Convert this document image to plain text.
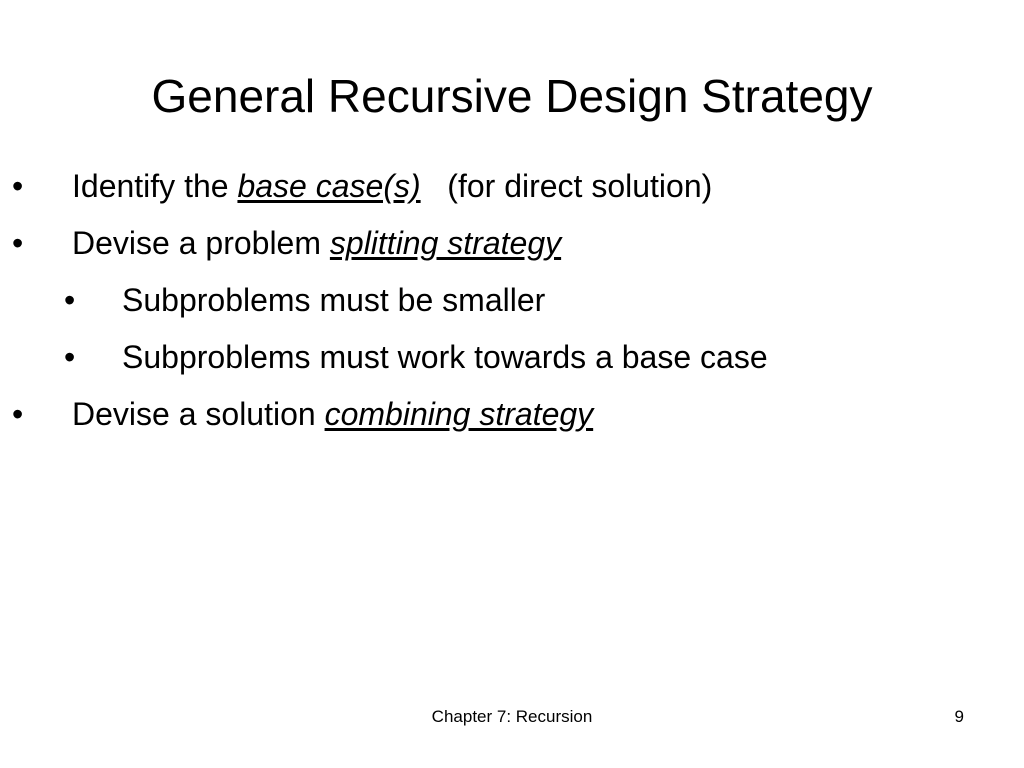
General Recursive Design Strategy
• Identify the base case(s) (for direct solution)
• Devise a problem splitting strategy
• Subproblems must be smaller
• Subproblems must work towards a base case
• Devise a solution combining strategy
Chapter 7: Recursion	9
